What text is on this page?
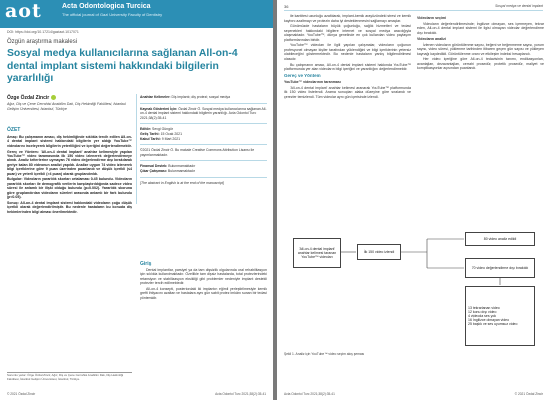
aot	Acta Odontologica Turcica
The official journal of Gazi University Faculty of Dentistry
DOI: https://doi.org/10.17214/gaziaot.1017071
Özgün araştırma makalesi
Sosyal medya kullanıcılarına sağlanan All-on-4 dental implant sistemi hakkındaki bilgilerin yararlılığı
Özge Özdal Zincir
Ağız, Diş ve Çene Cerrahisi Anabilim Dalı, Diş Hekimliği Fakültesi, İstanbul Gelişim Üniversitesi, İstanbul, Türkiye
ÖZET

Amaç: Bu çalışmanın amacı, diş hekimliğinde sıklıkla tercih edilen All-on-4 dental implant sistemi hakkındaki bilgilerin yer aldığı YouTube™ videolarını inceleyerek bilgilerin yeterliliğini ve içeriğini değerlendirmektir.

Gereç ve Yöntem: 'All-on-4 dental implant' anahtar kelimesiyle yapılan YouTube™ video taramasında ilk 150 video izlenerek değerlendirmeye alındı. Analiz kriterlerine uymayan 76 video değerlendirme dışı bırakılarak geriye kalan 80 videonun analizi yapıldı. Analize uygun 74 video izlenerek bilgi içeriklerine göre 9 puan üzerinden puanlandı ve düşük içerikli (≤4 puan) ve yeterli içerikli (>4 puan) olarak gruplandırıldı.

Bulgular: Videoların yararlılık skorları ortalaması 0.45 bulundu. Videoların yararlılık skorları ile demografik verilerin karşılaştırıldığında sadece video süresi ile anlamlı bir ilişki olduğu bulundu (p=0.002). Yararlılık skoruna göre gruplandırılan videoların süreleri arasında anlamlı bir fark bulundu (p<0.05).

Sonuç: All-on-4 dental implant sistemi hakkındaki videoların çoğu düşük içerikli olarak değerlendirilmiştir. Bu nedenle hastaların bu konuda diş hekimlerinden bilgi alması önerilmektedir.

Anahtar Kelimeler: Diş implantı; diş protezi; sosyal medya
Kaynak Gösterimi İçin: Özdal Zincir Ö. Sosyal medya kullanıcılarına sağlanan All-on-4 dental implant sistemi hakkındaki bilgilerin yararlılığı. Acta Odontol Turc 2021;38(2):35-41
Editör: Sevgi Güngör
Geliş Tarihi: 15 Ocak 2021
Kabul Tarihi: 9 Mart 2021
©2021 Özdal Zincir Ö. Bu makale Creative Commons Attribution Lisansı ile yayımlanmaktadır.
Finansal Destek: Bulunmamaktadır
Çıkar Çatışması: Bulunmamaktadır
[The abstract in English is at the end of the manuscript]
Giriş

Dental implantlar, parsiyel ya da tam dişsizlik olgularında oral rehabilitasyon için sıklıkla kullanılmaktadır. Özellikle tam dişsiz hastalarda, total protezlerindeki retansiyon ve stabilizasyon eksikliği gibi problemler nedeniyle implant destekli protezler tercih edilmektedir.

All-on-4 konsepti, posteriordaki iki implantın eğimli yerleştirilmesiyle kemik grefti ihtiyacını azaltan ve hastalara aynı gün sabit protez imkânı sunan bir tedavi yöntemidir.

Sorumlu yazar: Özge Özdal Zincir, Ağız, Diş ve Çene Cerrahisi Anabilim Dalı, Diş Hekimliği Fakültesi, İstanbul Gelişim Üniversitesi, İstanbul, Türkiye.
© 2021 Özdal Zincir	Acta Odontol Turc 2021;38(2):35-41
36	Sosyal medya ve dental implant

ile kantitesi uzunluğu azaltılarak, implant-kemik arayüzündeki stresi ve kemik kaybını azaltmayı ve protezin daha iyi desteklenmesini sağlamayı amaçlar.

Günümüzde hastaların büyük çoğunluğu, sağlık hizmetleri ve tedavi seçenekleri hakkındaki bilgilere internet ve sosyal medya aracılığıyla ulaşmaktadır. YouTube™, dünya genelinde en çok kullanılan video paylaşım platformlarından biridir.

YouTube™ videoları ile ilgili yapılan çalışmalar, videoların çoğunun profesyonel olmayan kişiler tarafından yüklendiğini ve bilgi içeriklerinin yetersiz olabileceğini göstermektedir. Bu nedenle hastaların yanlış bilgilendirilmesi olasıdır.

Bu çalışmanın amacı, All-on-4 dental implant sistemi hakkında YouTube™ platformunda yer alan videoların bilgi içeriğini ve yararlılığını değerlendirmektir.

Gereç ve Yöntem
YouTube™ videolarının taranması

'All-on-4 dental implant' anahtar kelimesi aranarak YouTube™ platformunda ilk 150 video listelendi. Arama sonuçları alaka düzeyine göre sıralandı ve çerezler temizlendi. Tüm videolar aynı gün içerisinde izlendi.

Videoların seçimi

Videoların değerlendirilmesinde; İngilizce olmayan, ses içermeyen, tekrar eden, All-on-4 dental implant sistemi ile ilgisi olmayan videolar değerlendirme dışı bırakıldı.

Videoların analizi

İzlenen videoların görüntülenme sayısı, beğeni ve beğenmeme sayısı, yorum sayısı, video süresi, yüklenme tarihinden itibaren geçen gün sayısı ve yükleyen kaynağı kaydedildi. Görüntülenme oranı ve etkileşim indeksi hesaplandı.

Her video içeriğine göre All-on-4 tedavisinin tanımı, endikasyonları, avantajları, dezavantajları, cerrahi prosedür, protetik prosedür, maliyet ve komplikasyonlar açısından puanlandı.

'All-on-4 dental implant' anahtar kelimesi taranan YouTube™ videoları
İlk 150 video izlendi
80 video analiz edildi
70 video değerlendirme dışı bırakıldı
13 tekrarlanan video
12 konu dışı video
4 videoda ses yok
16 İngilizce olmayan video
25 başlık ve ses uyumsuz video
Şekil 1. Analiz için YouTube™ video seçim akış şeması
Acta Odontol Turc 2021;38(2):35-41	© 2021 Özdal Zincir
